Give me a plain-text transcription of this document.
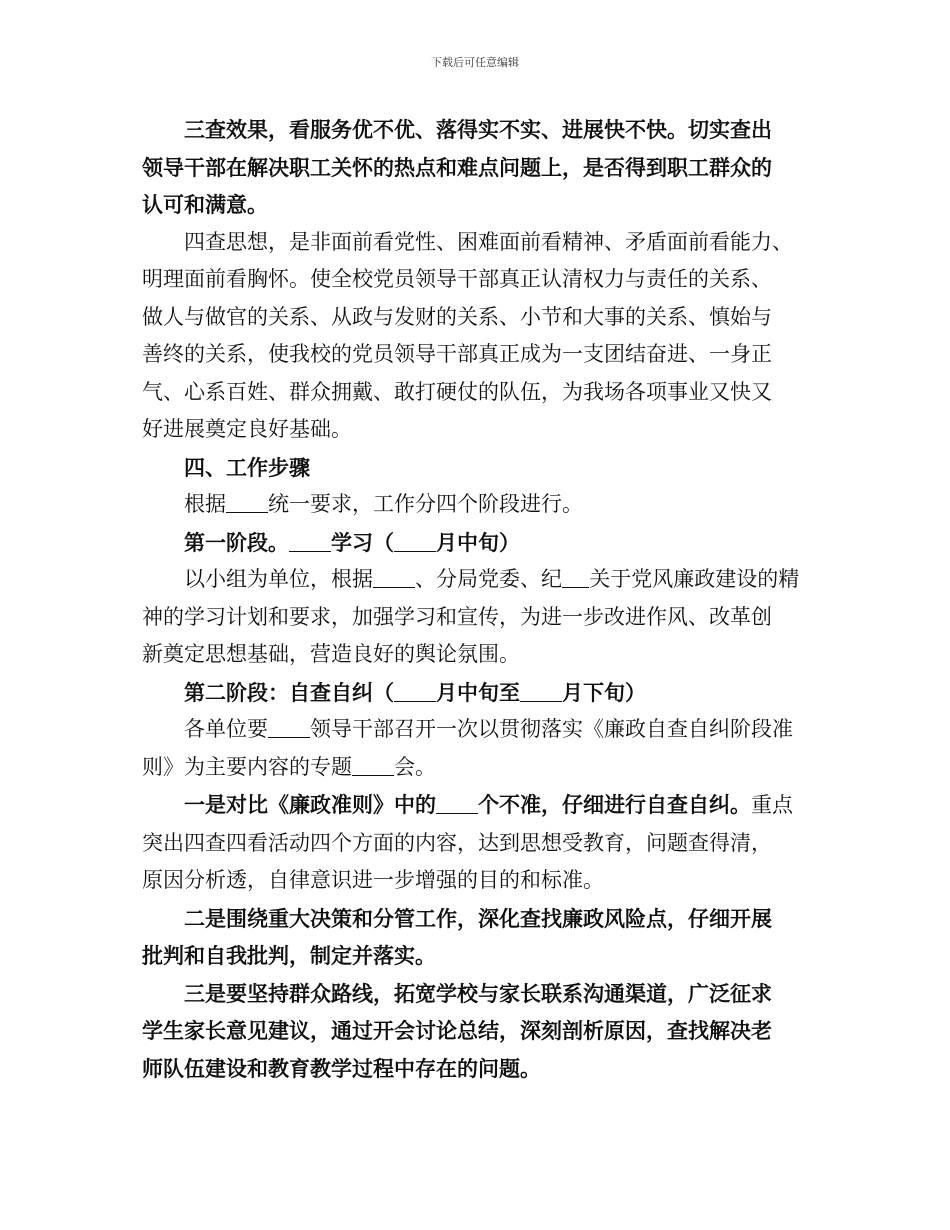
下载后可任意编辑
三查效果，看服务优不优、落得实不实、进展快不快。切实查出
领导干部在解决职工关怀的热点和难点问题上，是否得到职工群众的
认可和满意。
四查思想，是非面前看党性、困难面前看精神、矛盾面前看能力、
明理面前看胸怀。使全校党员领导干部真正认清权力与责任的关系、
做人与做官的关系、从政与发财的关系、小节和大事的关系、慎始与
善终的关系，使我校的党员领导干部真正成为一支团结奋进、一身正
气、心系百姓、群众拥戴、敢打硬仗的队伍，为我场各项事业又快又
好进展奠定良好基础。
四、工作步骤
根据 统一要求，工作分四个阶段进行。
第一阶段。 学习（ 月中旬）
以小组为单位，根据 、分局党委、纪 关于党风廉政建设的精
神的学习计划和要求，加强学习和宣传，为进一步改进作风、改革创
新奠定思想基础，营造良好的舆论氛围。
第二阶段：自查自纠（ 月中旬至 月下旬）
各单位要 领导干部召开一次以贯彻落实《廉政自查自纠阶段准
则》为主要内容的专题 会。
一是对比《廉政准则》中的 个不准，仔细进行自查自纠。重点
突出四查四看活动四个方面的内容，达到思想受教育，问题查得清，
原因分析透，自律意识进一步增强的目的和标准。
二是围绕重大决策和分管工作，深化查找廉政风险点，仔细开展
批判和自我批判，制定并落实。
三是要坚持群众路线，拓宽学校与家长联系沟通渠道，广泛征求
学生家长意见建议，通过开会讨论总结，深刻剖析原因，查找解决老
师队伍建设和教育教学过程中存在的问题。
